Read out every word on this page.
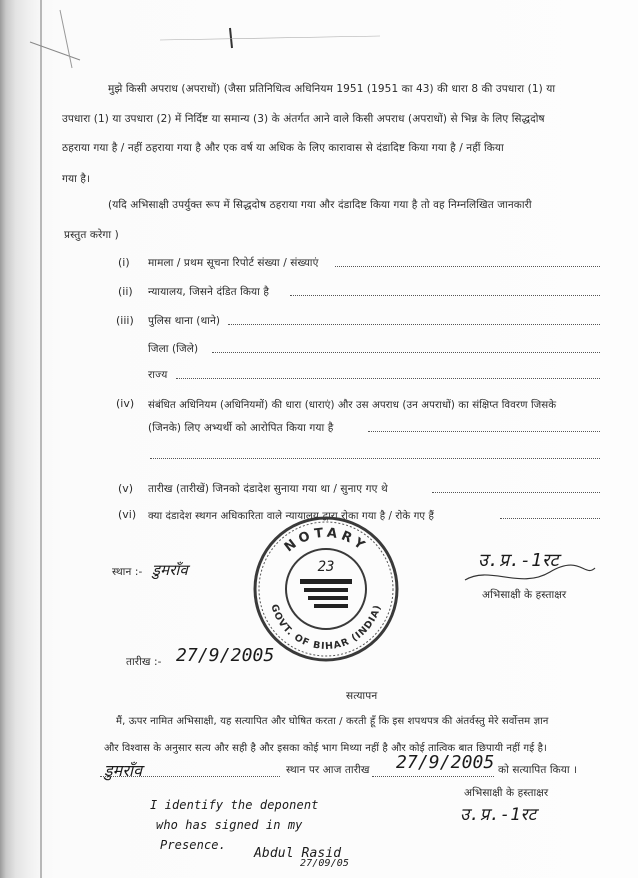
मुझे किसी अपराध (अपराधों) (जैसा प्रतिनिधित्व अधिनियम 1951 (1951 का 43) की धारा 8 की उपधारा (1) या
उपधारा (1) या उपधारा (2) में निर्दिष्ट या समान्य (3) के अंतर्गत आने वाले किसी अपराध (अपराधों) से भिन्न के लिए सिद्धदोष
ठहराया गया है / नहीं ठहराया गया है और एक वर्ष या अधिक के लिए कारावास से दंडादिष्ट किया गया है / नहीं किया
गया है।
(यदि अभिसाक्षी उपर्युक्त रूप में सिद्धदोष ठहराया गया और दंडादिष्ट किया गया है तो वह निम्नलिखित जानकारी
प्रस्तुत करेगा )
(i) मामला / प्रथम सूचना रिपोर्ट संख्या / संख्याएं
(ii) न्यायालय, जिसने दंडित किया है
(iii) पुलिस थाना (थाने)
जिला (जिले)
राज्य
(iv) संबंधित अधिनियम (अधिनियमों) की धारा (धाराएं) और उस अपराध (उन अपराधों) का संक्षिप्त विवरण जिसके
(जिनके) लिए अभ्यर्थी को आरोपित किया गया है
(v) तारीख (तारीखें) जिनको दंडादेश सुनाया गया था / सुनाए गए थे
(vi) क्या दंडादेश स्थगन अधिकारिता वाले न्यायालय द्वारा रोका गया है / रोके गए हैं
स्थान :- डुमराँव	उ.प्र.-1रट
अभिसाक्षी के हस्ताक्षर
NOTARY
GOVT. OF BIHAR (INDIA)
23
तारीख :- 27/9/2005
सत्यापन
मैं, ऊपर नामित अभिसाक्षी, यह सत्यापित और घोषित करता / करती हूँ कि इस शपथपत्र की अंतर्वस्तु मेरे सर्वोत्तम ज्ञान
और विश्वास के अनुसार सत्य और सही है और इसका कोई भाग मिथ्या नहीं है और कोई तात्विक बात छिपायी नहीं गई है।
डुमराँव	स्थान पर आज तारीख 27/9/2005 को सत्यापित किया ।
अभिसाक्षी के हस्ताक्षर
उ.प्र.-1रट
I identify the deponent
who has signed in my
Presence.
Abdul Rasid
27/09/05
